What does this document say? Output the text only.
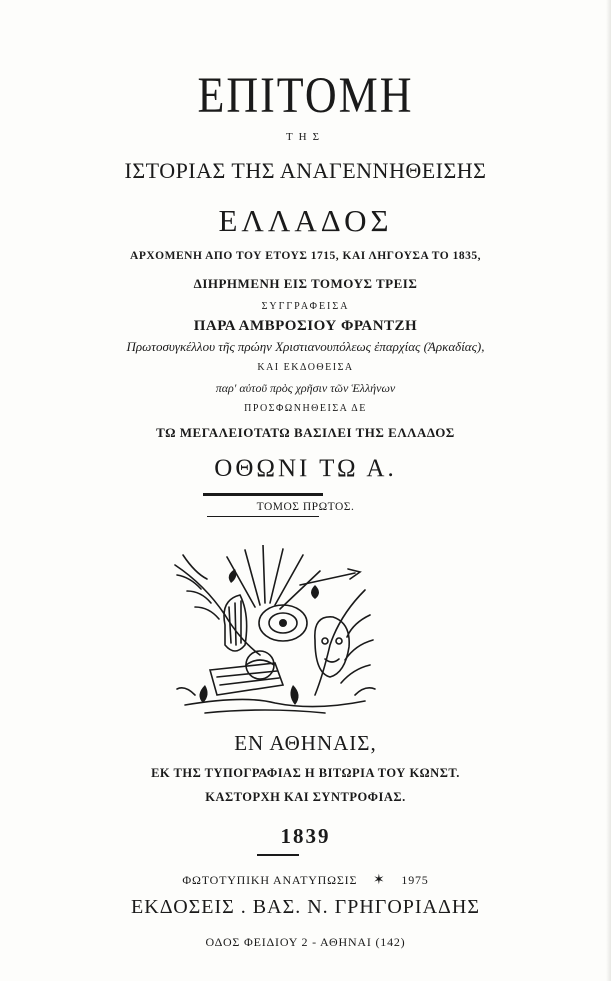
ΕΠΙΤΟΜΗ
ΤΗΣ
ΙΣΤΟΡΙΑΣ ΤΗΣ ΑΝΑΓΕΝΝΗΘΕΙΣΗΣ
ΕΛΛΑΔΟΣ
ΑΡΧΟΜΕΝΗ ΑΠΟ ΤΟΥ ΕΤΟΥΣ 1715, ΚΑΙ ΛΗΓΟΥΣΑ ΤΟ 1835,
ΔΙΗΡΗΜΕΝΗ ΕΙΣ ΤΟΜΟΥΣ ΤΡΕΙΣ
ΣΥΓΓΡΑΦΕΙΣΑ
ΠΑΡΑ ΑΜΒΡΟΣΙΟΥ ΦΡΑΝΤΖΗ
Πρωτοσυγκέλλου τῆς πρώην Χριστιανουπόλεως ἐπαρχίας (Ἀρκαδίας),
ΚΑΙ ΕΚΔΟΘΕΙΣΑ
παρ' αὐτοῦ πρὸς χρῆσιν τῶν Ἑλλήνων
ΠΡΟΣΦΩΝΗΘΕΙΣΑ ΔΕ
ΤΩ ΜΕΓΑΛΕΙΟΤΑΤΩ ΒΑΣΙΛΕΙ ΤΗΣ ΕΛΛΑΔΟΣ
ΟΘΩΝΙ ΤΩ Α.
ΤΟΜΟΣ ΠΡΩΤΟΣ.
ΕΝ ΑΘΗΝΑΙΣ,
ΕΚ ΤΗΣ ΤΥΠΟΓΡΑΦΙΑΣ Η ΒΙΤΩΡΙΑ ΤΟΥ ΚΩΝΣΤ.
ΚΑΣΤΟΡΧΗ ΚΑΙ ΣΥΝΤΡΟΦΙΑΣ.
1839
ΦΩΤΟΤΥΠΙΚΗ ΑΝΑΤΥΠΩΣΙΣ ✶ 1975
ΕΚΔΟΣΕΙΣ . ΒΑΣ. Ν. ΓΡΗΓΟΡΙΑΔΗΣ
ΟΔΟΣ ΦΕΙΔΙΟΥ 2 - ΑΘΗΝΑΙ (142)
